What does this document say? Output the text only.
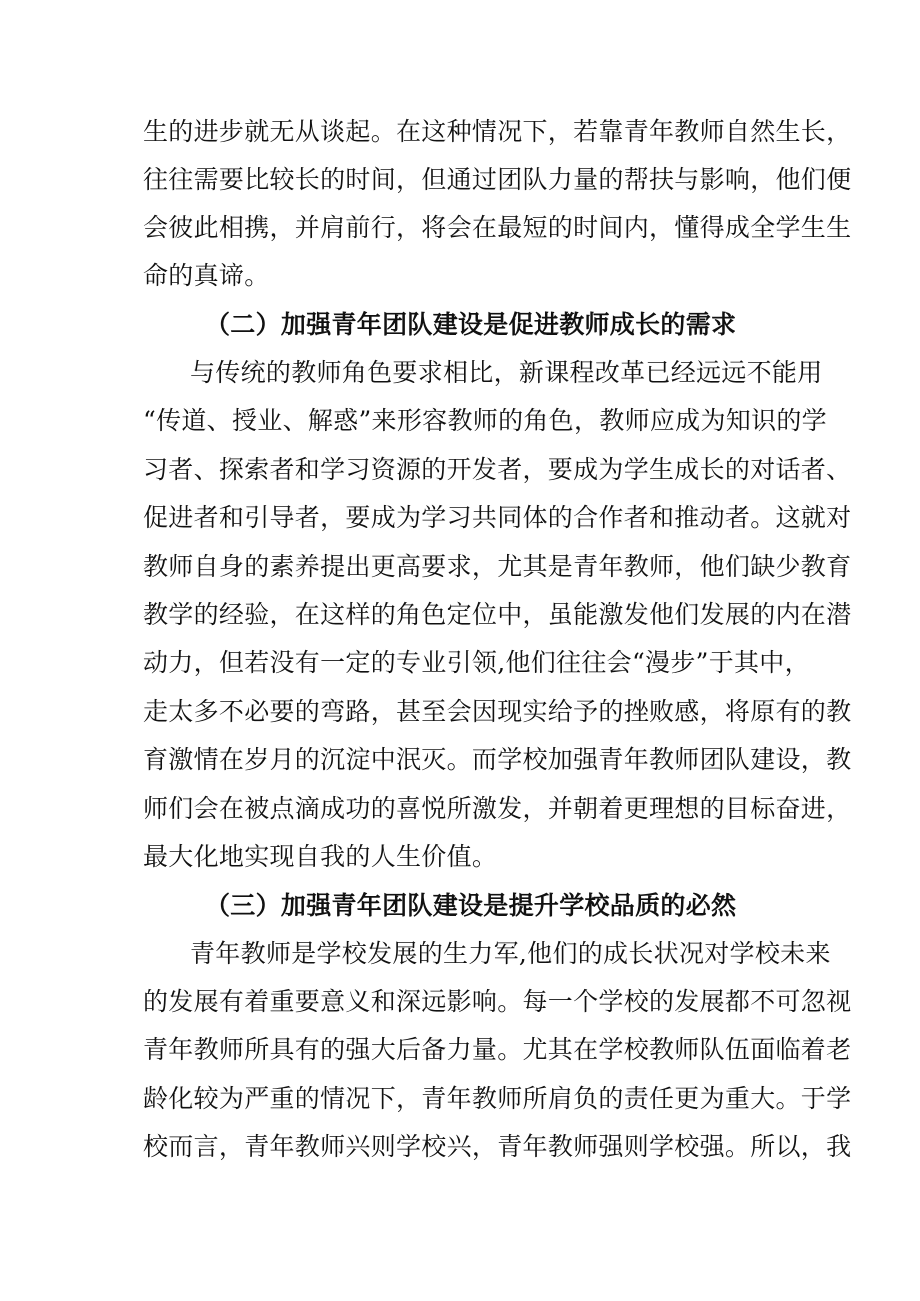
生的进步就无从谈起。在这种情况下，若靠青年教师自然生长，
往往需要比较长的时间，但通过团队力量的帮扶与影响，他们便
会彼此相携，并肩前行，将会在最短的时间内，懂得成全学生生
命的真谛。
（二）加强青年团队建设是促进教师成长的需求
与传统的教师角色要求相比，新课程改革已经远远不能用
“传道、授业、解惑”来形容教师的角色，教师应成为知识的学
习者、探索者和学习资源的开发者，要成为学生成长的对话者、
促进者和引导者，要成为学习共同体的合作者和推动者。这就对
教师自身的素养提出更高要求，尤其是青年教师，他们缺少教育
教学的经验，在这样的角色定位中，虽能激发他们发展的内在潜
动力，但若没有一定的专业引领,他们往往会“漫步”于其中，
走太多不必要的弯路，甚至会因现实给予的挫败感，将原有的教
育激情在岁月的沉淀中泯灭。而学校加强青年教师团队建设，教
师们会在被点滴成功的喜悦所激发，并朝着更理想的目标奋进，
最大化地实现自我的人生价值。
（三）加强青年团队建设是提升学校品质的必然
青年教师是学校发展的生力军,他们的成长状况对学校未来
的发展有着重要意义和深远影响。每一个学校的发展都不可忽视
青年教师所具有的强大后备力量。尤其在学校教师队伍面临着老
龄化较为严重的情况下，青年教师所肩负的责任更为重大。于学
校而言，青年教师兴则学校兴，青年教师强则学校强。所以，我
